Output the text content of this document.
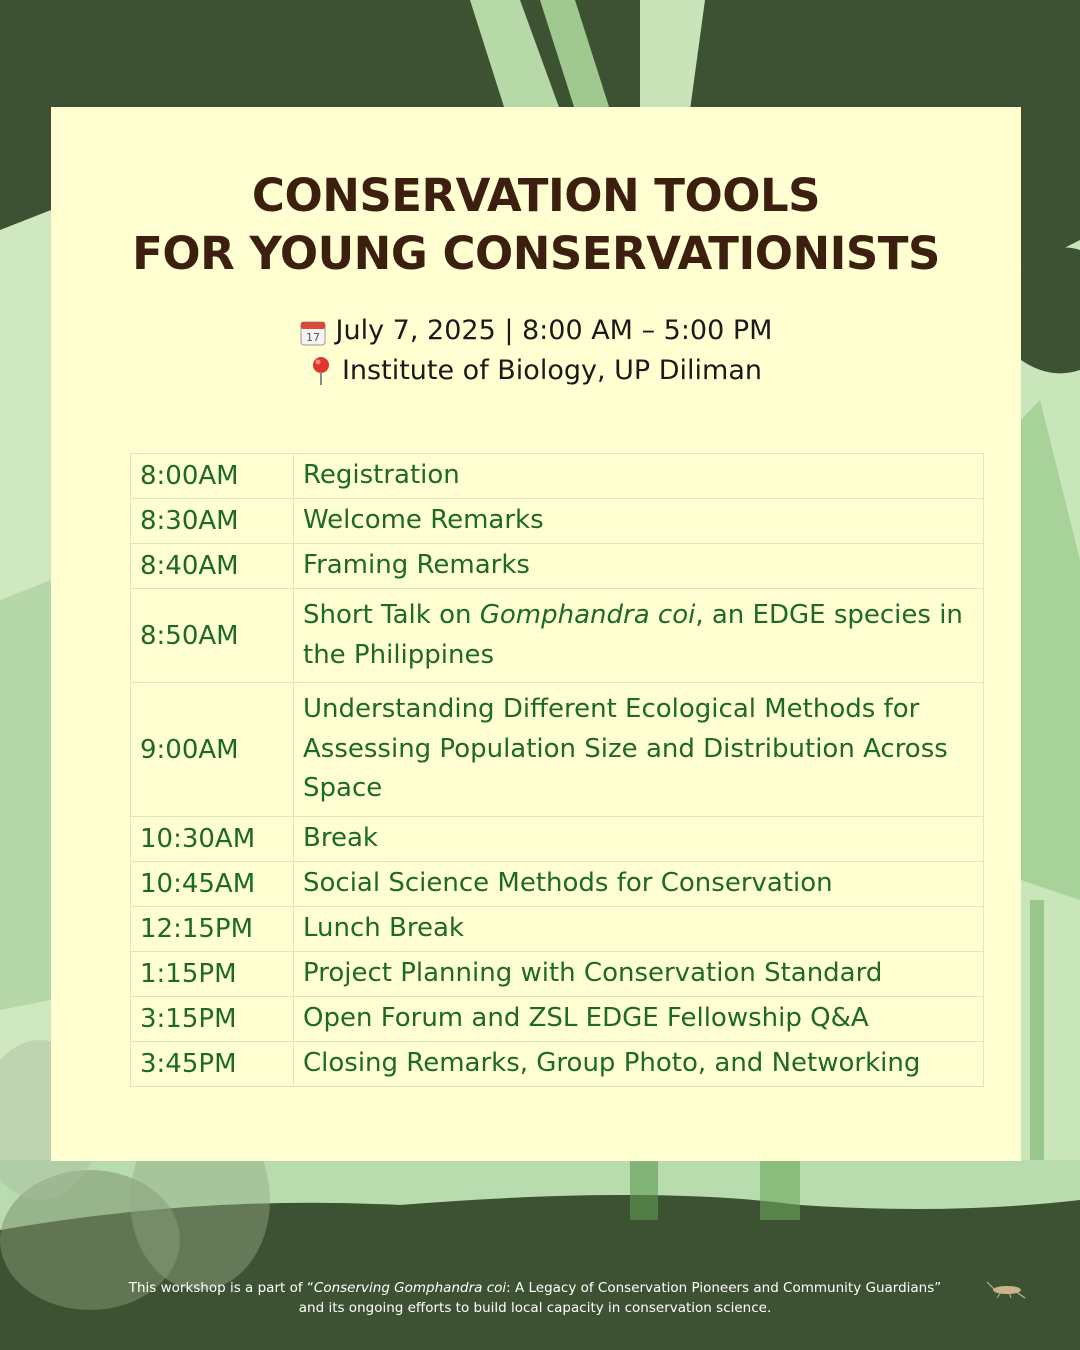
CONSERVATION TOOLS
FOR YOUNG CONSERVATIONISTS
17 July 7, 2025 | 8:00 AM – 5:00 PM
Institute of Biology, UP Diliman
8:00AM	Registration
8:30AM	Welcome Remarks
8:40AM	Framing Remarks
8:50AM	Short Talk on Gomphandra coi, an EDGE species in the Philippines
9:00AM	Understanding Different Ecological Methods for Assessing Population Size and Distribution Across Space
10:30AM	Break
10:45AM	Social Science Methods for Conservation
12:15PM	Lunch Break
1:15PM	Project Planning with Conservation Standard
3:15PM	Open Forum and ZSL EDGE Fellowship Q&A
3:45PM	Closing Remarks, Group Photo, and Networking
This workshop is a part of “Conserving Gomphandra coi: A Legacy of Conservation Pioneers and Community Guardians” and its ongoing efforts to build local capacity in conservation science.
